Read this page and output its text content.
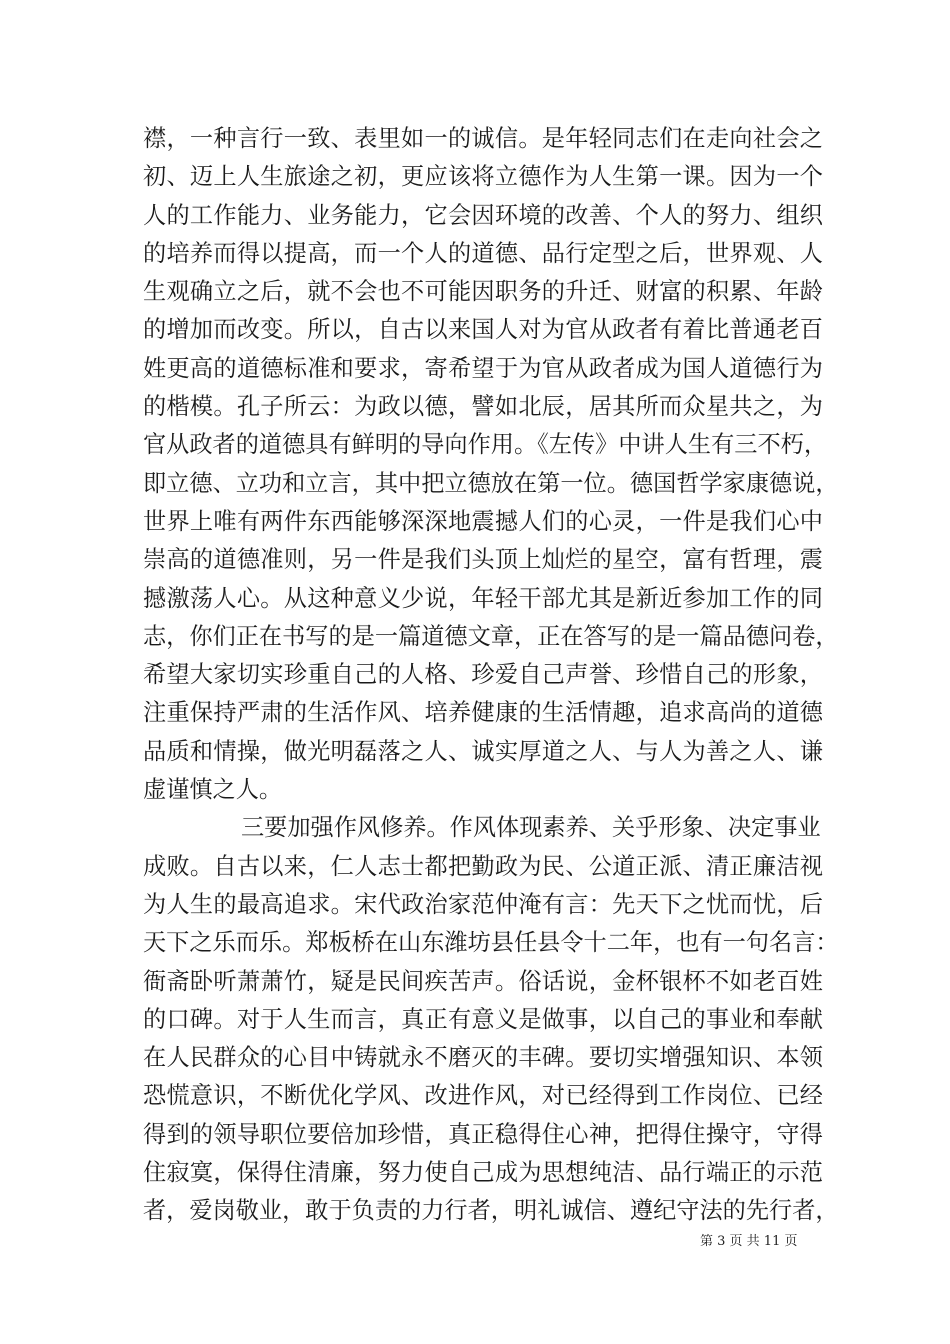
襟，一种言行一致、表里如一的诚信。是年轻同志们在走向社会之
初、迈上人生旅途之初，更应该将立德作为人生第一课。因为一个
人的工作能力、业务能力，它会因环境的改善、个人的努力、组织
的培养而得以提高，而一个人的道德、品行定型之后，世界观、人
生观确立之后，就不会也不可能因职务的升迁、财富的积累、年龄
的增加而改变。所以，自古以来国人对为官从政者有着比普通老百
姓更高的道德标准和要求，寄希望于为官从政者成为国人道德行为
的楷模。孔子所云：为政以德，譬如北辰，居其所而众星共之，为
官从政者的道德具有鲜明的导向作用。《左传》中讲人生有三不朽，
即立德、立功和立言，其中把立德放在第一位。德国哲学家康德说，
世界上唯有两件东西能够深深地震撼人们的心灵，一件是我们心中
崇高的道德准则，另一件是我们头顶上灿烂的星空，富有哲理，震
撼激荡人心。从这种意义少说，年轻干部尤其是新近参加工作的同
志，你们正在书写的是一篇道德文章，正在答写的是一篇品德问卷，
希望大家切实珍重自己的人格、珍爱自己声誉、珍惜自己的形象，
注重保持严肃的生活作风、培养健康的生活情趣，追求高尚的道德
品质和情操，做光明磊落之人、诚实厚道之人、与人为善之人、谦
虚谨慎之人。
三要加强作风修养。作风体现素养、关乎形象、决定事业
成败。自古以来，仁人志士都把勤政为民、公道正派、清正廉洁视
为人生的最高追求。宋代政治家范仲淹有言：先天下之忧而忧，后
天下之乐而乐。郑板桥在山东潍坊县任县令十二年，也有一句名言：
衙斋卧听萧萧竹，疑是民间疾苦声。俗话说，金杯银杯不如老百姓
的口碑。对于人生而言，真正有意义是做事，以自己的事业和奉献
在人民群众的心目中铸就永不磨灭的丰碑。要切实增强知识、本领
恐慌意识，不断优化学风、改进作风，对已经得到工作岗位、已经
得到的领导职位要倍加珍惜，真正稳得住心神，把得住操守，守得
住寂寞，保得住清廉，努力使自己成为思想纯洁、品行端正的示范
者，爱岗敬业，敢于负责的力行者，明礼诚信、遵纪守法的先行者，
第 3 页 共 11 页
